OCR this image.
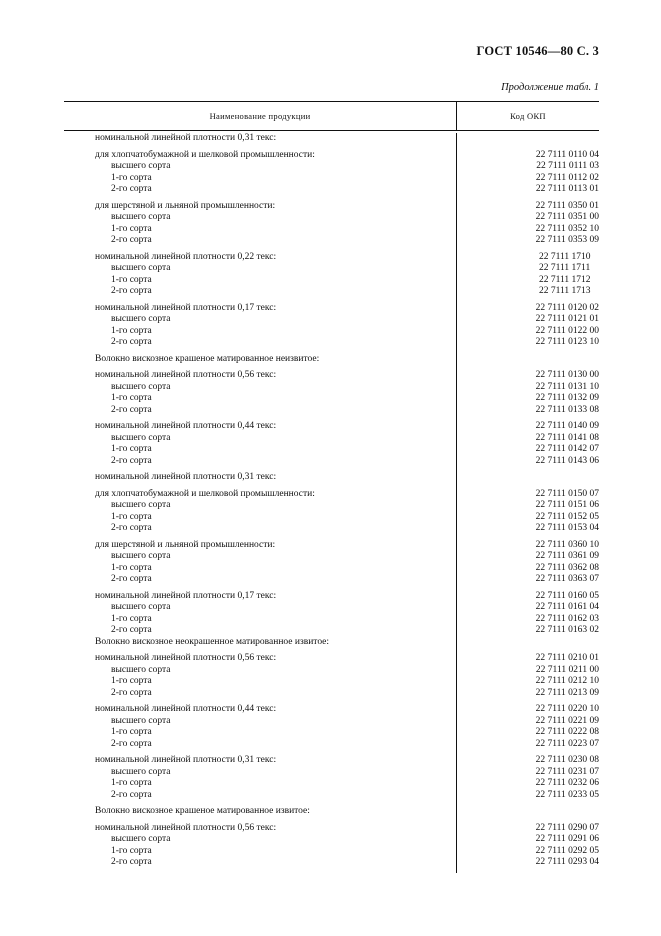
ГОСТ 10546—80 С. 3
Продолжение табл. 1
Наименование продукции	Код ОКП
номинальной линейной плотности 0,31 текс:
для хлопчатобумажной и шелковой промышленности:	22 7111 0110 04
высшего сорта	22 7111 0111 03
1-го сорта	22 7111 0112 02
2-го сорта	22 7111 0113 01
для шерстяной и льняной промышленности:	22 7111 0350 01
высшего сорта	22 7111 0351 00
1-го сорта	22 7111 0352 10
2-го сорта	22 7111 0353 09
номинальной линейной плотности 0,22 текс:	22 7111 1710
высшего сорта	22 7111 1711
1-го сорта	22 7111 1712
2-го сорта	22 7111 1713
номинальной линейной плотности 0,17 текс:	22 7111 0120 02
высшего сорта	22 7111 0121 01
1-го сорта	22 7111 0122 00
2-го сорта	22 7111 0123 10
Волокно вискозное крашеное матированное неизвитое:
номинальной линейной плотности 0,56 текс:	22 7111 0130 00
высшего сорта	22 7111 0131 10
1-го сорта	22 7111 0132 09
2-го сорта	22 7111 0133 08
номинальной линейной плотности 0,44 текс:	22 7111 0140 09
высшего сорта	22 7111 0141 08
1-го сорта	22 7111 0142 07
2-го сорта	22 7111 0143 06
номинальной линейной плотности 0,31 текс:
для хлопчатобумажной и шелковой промышленности:	22 7111 0150 07
высшего сорта	22 7111 0151 06
1-го сорта	22 7111 0152 05
2-го сорта	22 7111 0153 04
для шерстяной и льняной промышленности:	22 7111 0360 10
высшего сорта	22 7111 0361 09
1-го сорта	22 7111 0362 08
2-го сорта	22 7111 0363 07
номинальной линейной плотности 0,17 текс:	22 7111 0160 05
высшего сорта	22 7111 0161 04
1-го сорта	22 7111 0162 03
2-го сорта	22 7111 0163 02
Волокно вискозное неокрашенное матированное извитое:
номинальной линейной плотности 0,56 текс:	22 7111 0210 01
высшего сорта	22 7111 0211 00
1-го сорта	22 7111 0212 10
2-го сорта	22 7111 0213 09
номинальной линейной плотности 0,44 текс:	22 7111 0220 10
высшего сорта	22 7111 0221 09
1-го сорта	22 7111 0222 08
2-го сорта	22 7111 0223 07
номинальной линейной плотности 0,31 текс:	22 7111 0230 08
высшего сорта	22 7111 0231 07
1-го сорта	22 7111 0232 06
2-го сорта	22 7111 0233 05
Волокно вискозное крашеное матированное извитое:
номинальной линейной плотности 0,56 текс:	22 7111 0290 07
высшего сорта	22 7111 0291 06
1-го сорта	22 7111 0292 05
2-го сорта	22 7111 0293 04
